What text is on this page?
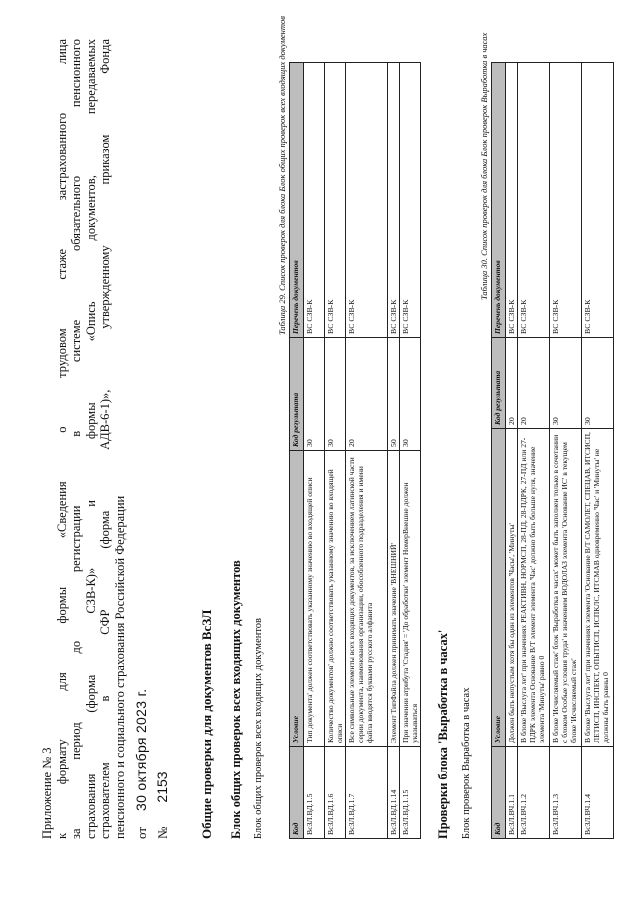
Приложение № 3 к формату для формы «Сведения о трудовом стаже застрахованного лица за период до регистрации в системе обязательного пенсионного страхования (форма СЗВ-К)» и формы «Опись документов, передаваемых страхователем в СФР (форма АДВ-6-1)», утвержденному приказом Фонда пенсионного и социального страхования Российской Федерации от30 октября 2023 г.
№2153 Общие проверки для документов ВсЗЛ Блок общих проверок всех входящих документов Блок общих проверок всех входящих документов
Таблица 29. Список проверок для блока Блок общих проверок всех входящих документов
Код	Условие	Код результата	Перечень документов
ВсЗЛ.ВД.1.5	Тип документа' должен соответствовать указанному значению во входящей описи	30	ВС СЗВ-К
ВсЗЛ.ВД.1.6	Количество документов' должно соответствовать указанному значению во входящей описи	30	ВС СЗВ-К
ВсЗЛ.ВД.1.7	Все символьные элементы всех входящих документов, за исключением латинской части серии документа, наименования организации, обособленного подразделения и имени файла вводятся буквами русского алфавита	20	ВС СЗВ-К
ВсЗЛ.ВД.1.14	Элемент ТипФайла должен принимать значение 'ВНЕШНИЙ'	50	ВС СЗВ-К
ВсЗЛ.ВД.1.15	При значении атрибута 'Стадия' = 'До обработки' элемент НомерВнешне должен указываться	30	ВС СЗВ-К
Проверки блока 'Выработка в часах' Блок проверок Выработка в часах
Таблица 30. Список проверок для блока Блок проверок Выработка в часах
Код	Условие	Код результата	Перечень документов
ВсЗЛ.ВЧ.1.1	Должен быть непустым хотя бы один из элементов 'Часы', 'Минуты'	20	ВС СЗВ-К
ВсЗЛ.ВЧ.1.2	В блоке 'Выслуга лет' при значениях РЕАКТИВН, НОРМСП, 28-ПД, 28-ПДРК, 27-ПД или 27-ПДРК элемента Основание В/Т элемент элемента 'Час' должно быть больше нуля, значение элемента 'Минуты' равно 0	20	ВС СЗВ-К
ВсЗЛ.ВЧ.1.3	В блоке 'Исчисляемый стаж' блок 'Выработка в часах' может быть заполнен только в сочетании с блоком Особые условия труда' и значением ВОДОЛАЗ элемента 'Основание ИС' в текущем блоке 'Исчисляемый стаж'	30	ВС СЗВ-К
ВсЗЛ.ВЧ.1.4	В блоке 'Выслуга лет' при значениях элемента 'Основание В/Т САМОЛЕТ, СПЕЦАВ, ИТСИСП, ЛЕТИСП, ИНСПЕКТ, ОПЫТИСП, ИСПКЛС, ИТСМАВ одновременно 'Час' и 'Минуты' не должны быть равны 0	30	ВС СЗВ-К
